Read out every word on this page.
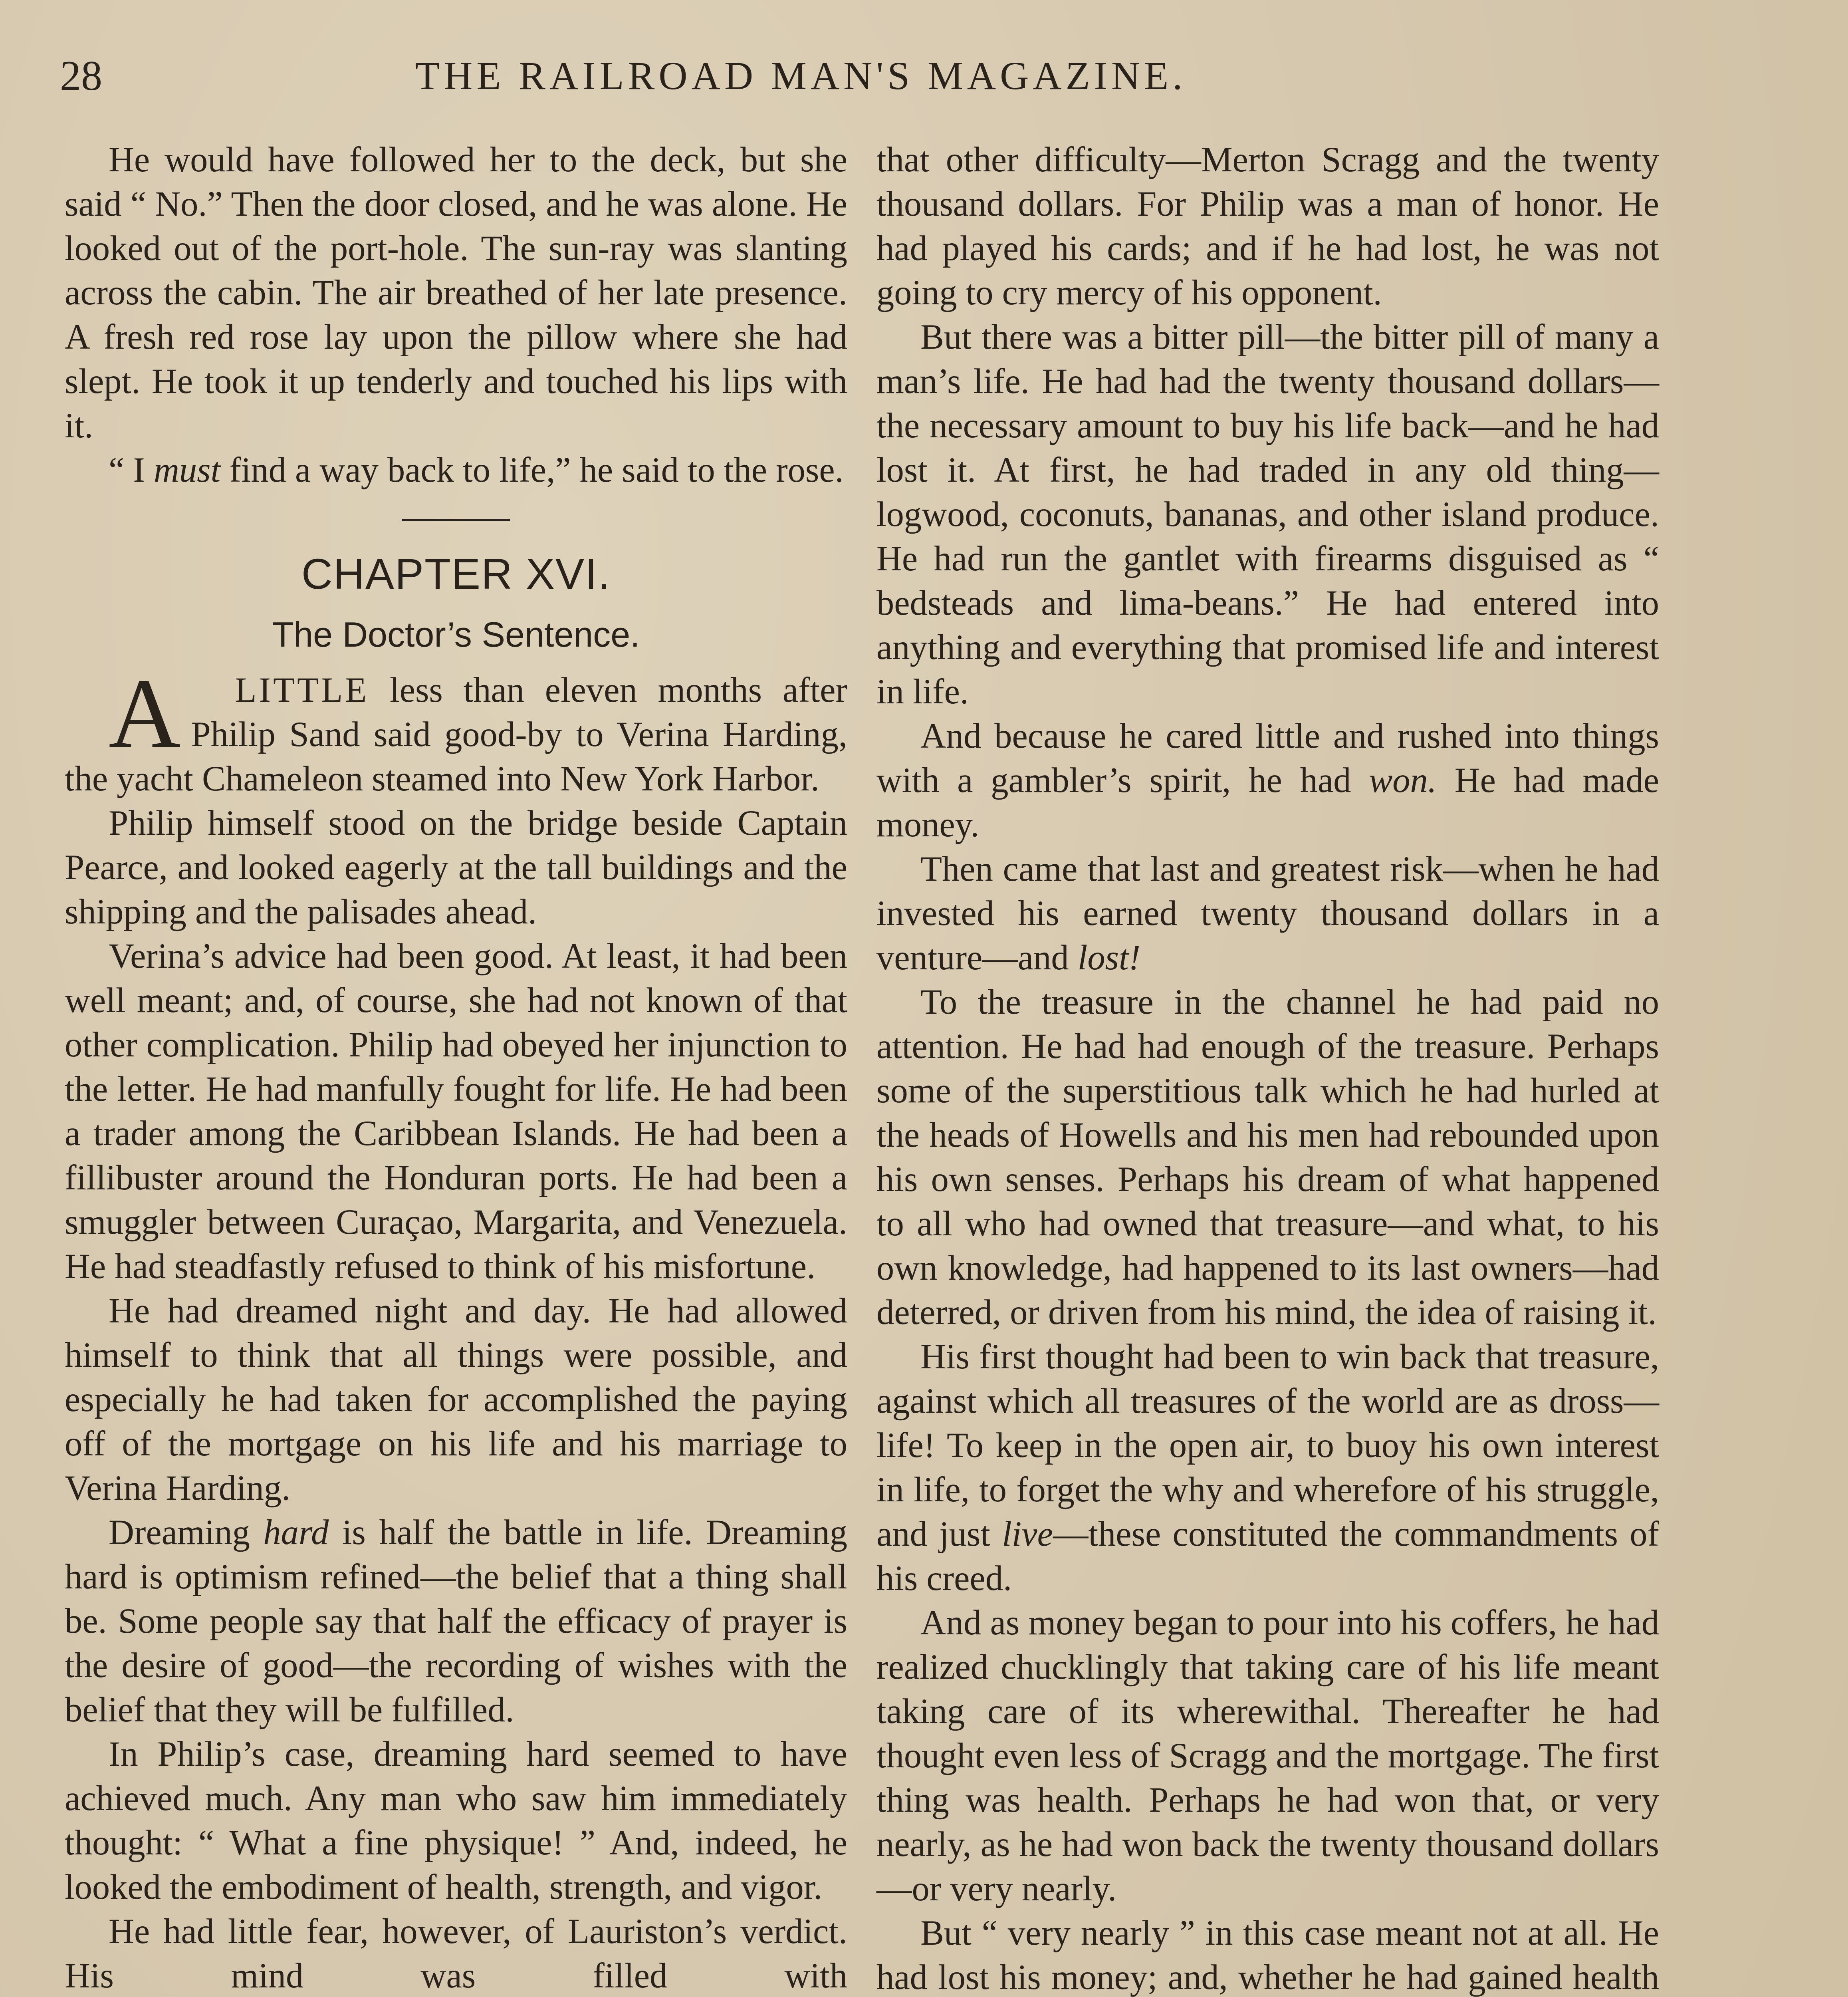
28	THE RAILROAD MAN'S MAGAZINE.

He would have followed her to the deck, but she said “ No.” Then the door closed, and he was alone. He looked out of the port-hole. The sun-ray was slanting across the cabin. The air breathed of her late presence. A fresh red rose lay upon the pillow where she had slept. He took it up tenderly and touched his lips with it.

“ I must find a way back to life,” he said to the rose.

CHAPTER XVI.
The Doctor’s Sentence.

A LITTLE less than eleven months after Philip Sand said good-by to Verina Harding, the yacht Chameleon steamed into New York Harbor.

Philip himself stood on the bridge beside Captain Pearce, and looked eagerly at the tall buildings and the shipping and the palisades ahead.

Verina’s advice had been good. At least, it had been well meant; and, of course, she had not known of that other complication. Philip had obeyed her injunction to the letter. He had manfully fought for life. He had been a trader among the Caribbean Islands. He had been a fillibuster around the Honduran ports. He had been a smuggler between Curaçao, Margarita, and Venezuela. He had steadfastly refused to think of his misfortune.

He had dreamed night and day. He had allowed himself to think that all things were possible, and especially he had taken for accomplished the paying off of the mortgage on his life and his marriage to Verina Harding.

Dreaming hard is half the battle in life. Dreaming hard is optimism refined—the belief that a thing shall be. Some people say that half the efficacy of prayer is the desire of good—the recording of wishes with the belief that they will be fulfilled.

In Philip’s case, dreaming hard seemed to have achieved much. Any man who saw him immediately thought: “ What a fine physique! ” And, indeed, he looked the embodiment of health, strength, and vigor.

He had little fear, however, of Lauriston’s verdict. His mind was filled with

that other difficulty—Merton Scragg and the twenty thousand dollars. For Philip was a man of honor. He had played his cards; and if he had lost, he was not going to cry mercy of his opponent.

But there was a bitter pill—the bitter pill of many a man’s life. He had had the twenty thousand dollars—the necessary amount to buy his life back—and he had lost it. At first, he had traded in any old thing—logwood, coconuts, bananas, and other island produce. He had run the gantlet with firearms disguised as “ bedsteads and lima-beans.” He had entered into anything and everything that promised life and interest in life.

And because he cared little and rushed into things with a gambler’s spirit, he had won. He had made money.

Then came that last and greatest risk—when he had invested his earned twenty thousand dollars in a venture—and lost!

To the treasure in the channel he had paid no attention. He had had enough of the treasure. Perhaps some of the superstitious talk which he had hurled at the heads of Howells and his men had rebounded upon his own senses. Perhaps his dream of what happened to all who had owned that treasure—and what, to his own knowledge, had happened to its last owners—had deterred, or driven from his mind, the idea of raising it.

His first thought had been to win back that treasure, against which all treasures of the world are as dross—life! To keep in the open air, to buoy his own interest in life, to forget the why and wherefore of his struggle, and just live—these constituted the commandments of his creed.

And as money began to pour into his coffers, he had realized chucklingly that taking care of his life meant taking care of its wherewithal. Thereafter he had thought even less of Scragg and the mortgage. The first thing was health. Perhaps he had won that, or very nearly, as he had won back the twenty thousand dollars—or very nearly.

But “ very nearly ” in this case meant not at all. He had lost his money; and, whether he had gained health
